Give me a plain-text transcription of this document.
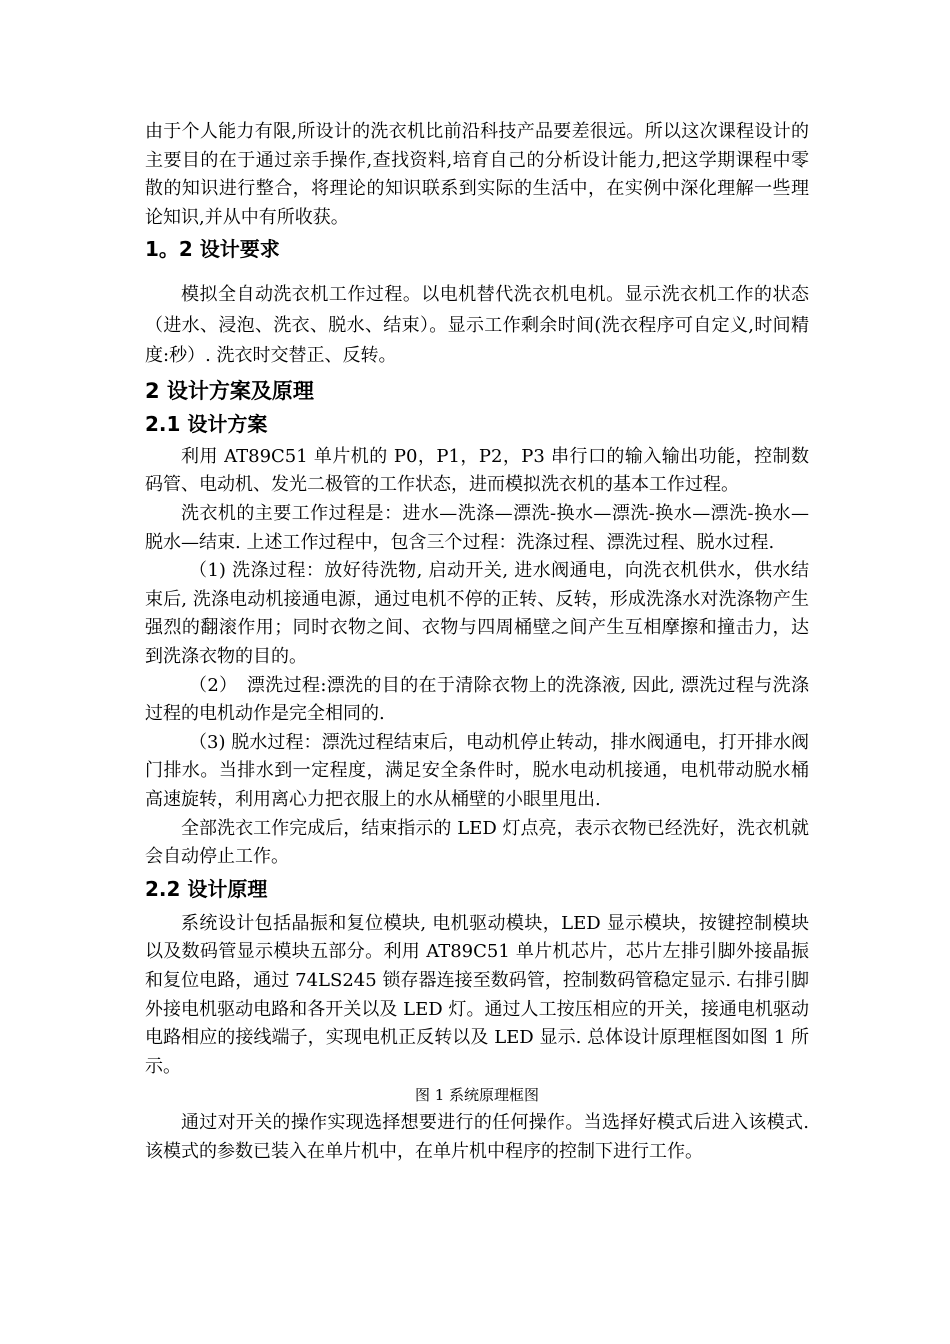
由于个人能力有限,所设计的洗衣机比前沿科技产品要差很远。所以这次课程设计的主要目的在于通过亲手操作,查找资料,培育自己的分析设计能力,把这学期课程中零散的知识进行整合，将理论的知识联系到实际的生活中，在实例中深化理解一些理论知识,并从中有所收获。

1。2 设计要求

模拟全自动洗衣机工作过程。以电机替代洗衣机电机。显示洗衣机工作的状态（进水、浸泡、洗衣、脱水、结束）。显示工作剩余时间(洗衣程序可自定义,时间精度:秒）. 洗衣时交替正、反转。

2 设计方案及原理
2.1 设计方案

利用 AT89C51 单片机的 P0，P1，P2，P3 串行口的输入输出功能，控制数码管、电动机、发光二极管的工作状态，进而模拟洗衣机的基本工作过程。

洗衣机的主要工作过程是：进水—洗涤—漂洗-换水—漂洗-换水—漂洗-换水—脱水—结束. 上述工作过程中，包含三个过程：洗涤过程、漂洗过程、脱水过程.

（1) 洗涤过程：放好待洗物, 启动开关, 进水阀通电，向洗衣机供水，供水结束后, 洗涤电动机接通电源，通过电机不停的正转、反转，形成洗涤水对洗涤物产生强烈的翻滚作用；同时衣物之间、衣物与四周桶壁之间产生互相摩擦和撞击力，达到洗涤衣物的目的。

（2）　漂洗过程:漂洗的目的在于清除衣物上的洗涤液, 因此, 漂洗过程与洗涤过程的电机动作是完全相同的.

（3) 脱水过程：漂洗过程结束后，电动机停止转动，排水阀通电，打开排水阀门排水。当排水到一定程度，满足安全条件时，脱水电动机接通，电机带动脱水桶高速旋转，利用离心力把衣服上的水从桶壁的小眼里甩出.

全部洗衣工作完成后，结束指示的 LED 灯点亮，表示衣物已经洗好，洗衣机就会自动停止工作。

2.2 设计原理

系统设计包括晶振和复位模块, 电机驱动模块，LED 显示模块，按键控制模块以及数码管显示模块五部分。利用 AT89C51 单片机芯片，芯片左排引脚外接晶振和复位电路，通过 74LS245 锁存器连接至数码管，控制数码管稳定显示. 右排引脚外接电机驱动电路和各开关以及 LED 灯。通过人工按压相应的开关，接通电机驱动电路相应的接线端子，实现电机正反转以及 LED 显示. 总体设计原理框图如图 1 所示。

图 1 系统原理框图

通过对开关的操作实现选择想要进行的任何操作。当选择好模式后进入该模式.该模式的参数已装入在单片机中，在单片机中程序的控制下进行工作。
